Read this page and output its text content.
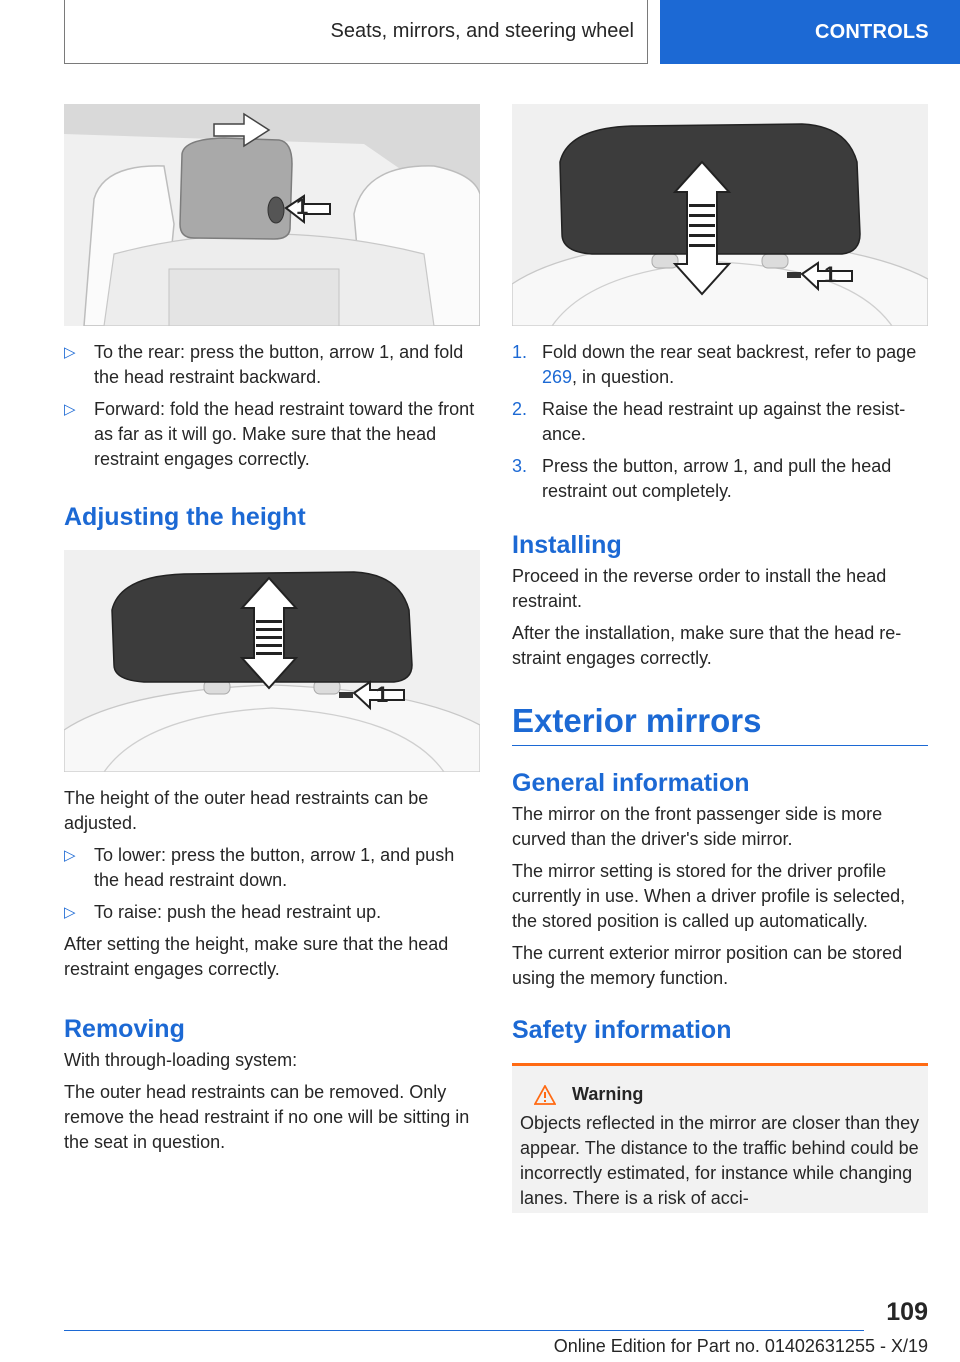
Seats, mirrors, and steering wheel	CONTROLS
1
▷ To the rear: press the button, arrow 1, and fold the head restraint backward.
▷ Forward: fold the head restraint toward the front as far as it will go. Make sure that the head restraint engages correctly.
Adjusting the height
1

The height of the outer head restraints can be adjusted.

▷ To lower: press the button, arrow 1, and push the head restraint down.
▷ To raise: push the head restraint up.

After setting the height, make sure that the head restraint engages correctly.

Removing

With through-loading system:

The outer head restraints can be removed. Only remove the head restraint if no one will be sitting in the seat in question.

1
1. Fold down the rear seat backrest, refer to page 269, in question.
2. Raise the head restraint up against the resist‐ance.
3. Press the button, arrow 1, and pull the head restraint out completely.
Installing

Proceed in the reverse order to install the head restraint.

After the installation, make sure that the head re‐straint engages correctly.

Exterior mirrors
General information

The mirror on the front passenger side is more curved than the driver's side mirror.

The mirror setting is stored for the driver profile currently in use. When a driver profile is selected, the stored position is called up automatically.

The current exterior mirror position can be stored using the memory function.

Safety information
Warning

Objects reflected in the mirror are closer than they appear. The distance to the traffic behind could be incorrectly estimated, for instance while changing lanes. There is a risk of acci‐

109
Online Edition for Part no. 01402631255 - X/19
